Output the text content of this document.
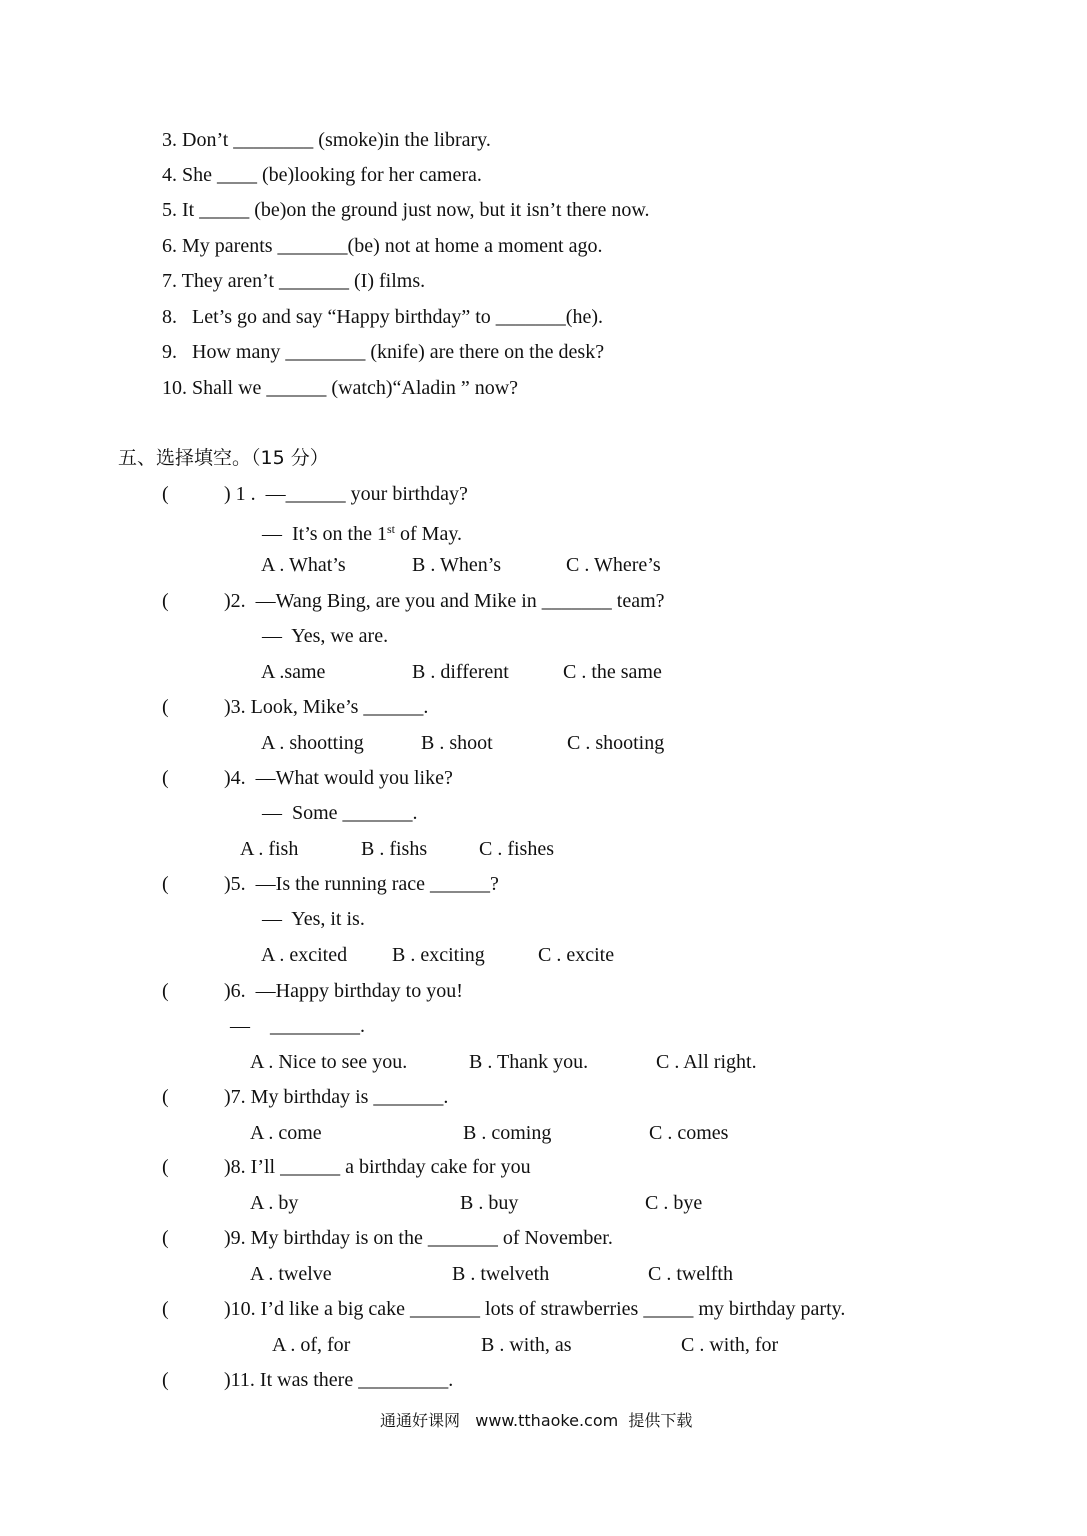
3. Don’t ________ (smoke)in the library.
4. She ____ (be)looking for her camera.
5. It _____ (be)on the ground just now, but it isn’t there now.
6. My parents _______(be) not at home a moment ago.
7. They aren’t _______ (I) films.
8.   Let’s go and say “Happy birthday” to _______(he).
9.   How many ________ (knife) are there on the desk?
10. Shall we ______ (watch)“Aladin ” now?
五、选择填空。（15 分）
(	) 1 .  —______ your birthday?
—  It’s on the 1st of May.
A . What’s	B . When’s	C . Where’s
(	)2.  —Wang Bing, are you and Mike in _______ team?
—  Yes, we are.
A .same	B . different	C . the same
(	)3. Look, Mike’s ______.
A . shootting	B . shoot	C . shooting
(	)4.  —What would you like?
—  Some _______.
A . fish	B . fishs	C . fishes
(	)5.  —Is the running race ______?
—  Yes, it is.
A . excited B . exciting	C . excite
(	)6.  —Happy birthday to you!
—    _________.
A . Nice to see you.	B . Thank you.	C . All right.
(	)7. My birthday is _______.
A . come	B . coming	C . comes
(	)8. I’ll ______ a birthday cake for you
A . by	B . buy	C . bye
(	)9. My birthday is on the _______ of November.
A . twelve	B . twelveth	C . twelfth
(	)10. I’d like a big cake _______ lots of strawberries _____ my birthday party.
A . of, for	B . with, as	C . with, for
(	)11. It was there _________.
通通好课网   www.tthaoke.com  提供下载
